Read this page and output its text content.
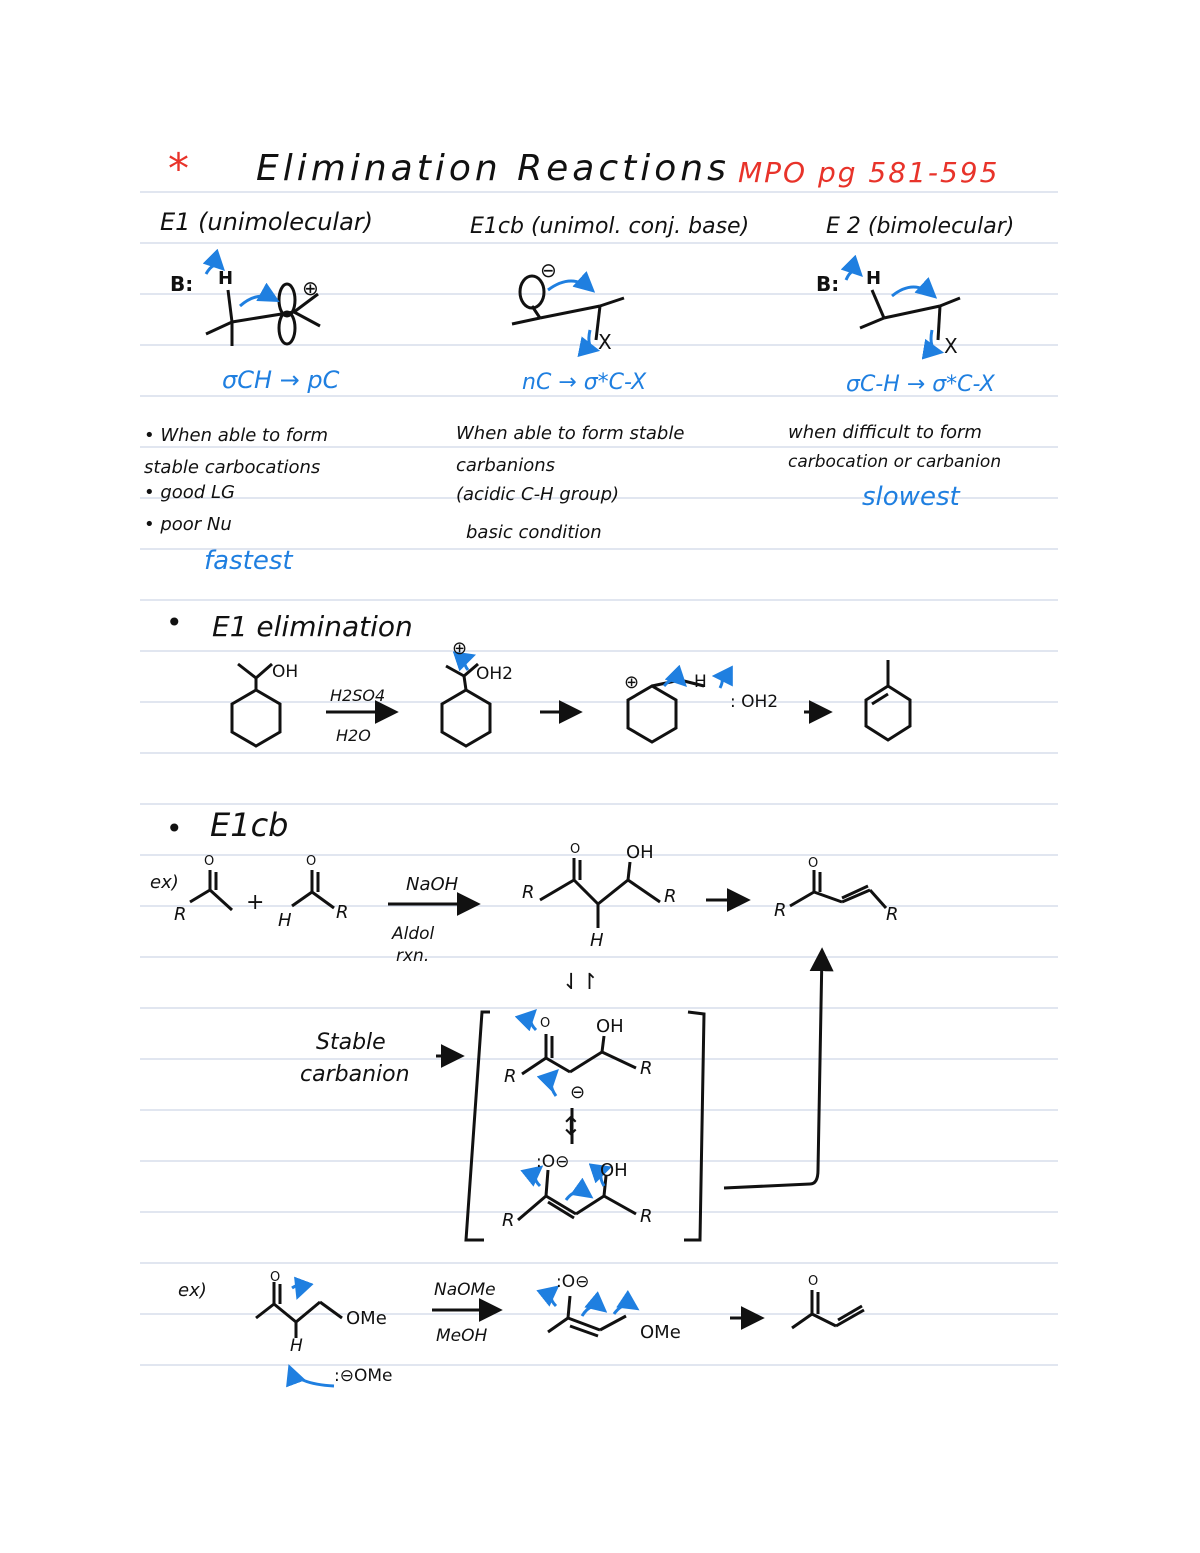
* Elimination Reactions MPO pg 581-595
E1 (unimolecular)	E1cb (unimol. conj. base)	E 2 (bimolecular)
B: H	⊕
⊖
X
B: H
X
σCH → pC	nC → σ*C-X	σC-H → σ*C-X
• When able to form stable carbocations
• good LG
• poor Nu
fastest
When able to form stable carbanions
(acidic C-H group)
basic condition
when difficult to form
carbocation or carbanion
slowest
• E1 elimination
OH
H2SO4
H2O
⊕
OH2	⊕	H
: OH2
• E1cb
ex)
O
R	+
O
H R
NaOH
Aldol
rxn.
R
O	OH
R
H
O
R	R
⇃↾
Stable
carbanion
O	OH
R	R
⊖
↕
:O⊖ OH
R	R
ex)
O
H
OMe
:⊖OMe
NaOMe
MeOH
:O⊖
OMe
O
